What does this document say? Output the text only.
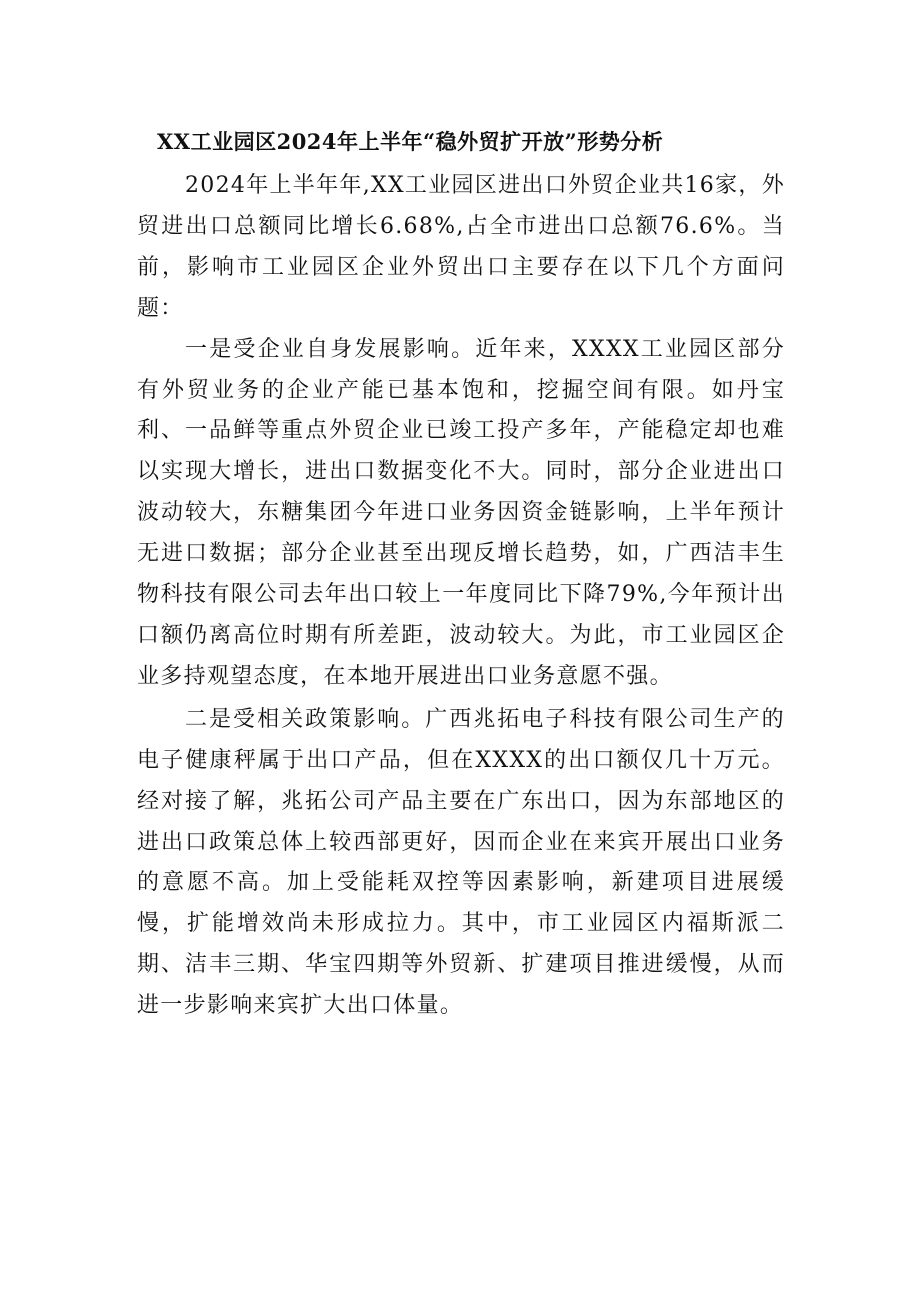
XX工业园区2024年上半年“稳外贸扩开放”形势分析

2024年上半年年,XX工业园区进出口外贸企业共16家，外贸进出口总额同比增长6.68%,占全市进出口总额76.6%。当前，影响市工业园区企业外贸出口主要存在以下几个方面问题：

一是受企业自身发展影响。近年来，XXXX工业园区部分有外贸业务的企业产能已基本饱和，挖掘空间有限。如丹宝利、一品鲜等重点外贸企业已竣工投产多年，产能稳定却也难以实现大增长，进出口数据变化不大。同时，部分企业进出口波动较大，东糖集团今年进口业务因资金链影响，上半年预计无进口数据；部分企业甚至出现反增长趋势，如，广西洁丰生物科技有限公司去年出口较上一年度同比下降79%,今年预计出口额仍离高位时期有所差距，波动较大。为此，市工业园区企业多持观望态度，在本地开展进出口业务意愿不强。

二是受相关政策影响。广西兆拓电子科技有限公司生产的电子健康秤属于出口产品，但在XXXX的出口额仅几十万元。经对接了解，兆拓公司产品主要在广东出口，因为东部地区的进出口政策总体上较西部更好，因而企业在来宾开展出口业务的意愿不高。加上受能耗双控等因素影响，新建项目进展缓慢，扩能增效尚未形成拉力。其中，市工业园区内福斯派二期、洁丰三期、华宝四期等外贸新、扩建项目推进缓慢，从而进一步影响来宾扩大出口体量。
